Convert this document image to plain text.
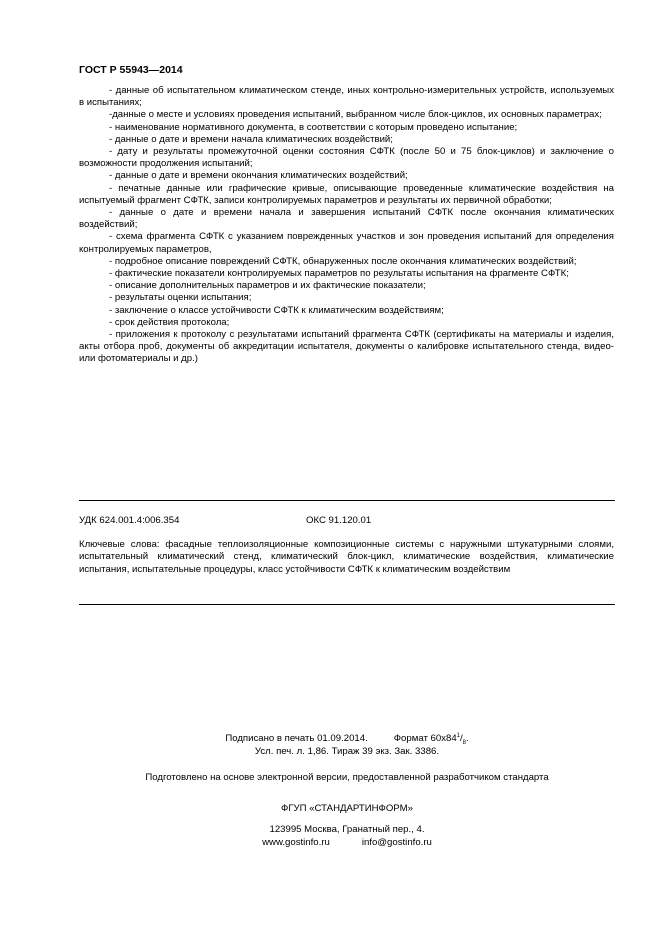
ГОСТ Р 55943—2014

- данные об испытательном климатическом стенде, иных контрольно-измерительных устройств, используемых в испытаниях;

-данные о месте и условиях проведения испытаний, выбранном числе блок-циклов, их основных параметрах;

- наименование нормативного документа, в соответствии с которым проведено испытание;

- данные о дате и времени начала климатических воздействий;

- дату и результаты промежуточной оценки состояния СФТК (после 50 и 75 блок-циклов) и заключение о возможности продолжения испытаний;

- данные о дате и времени окончания климатических воздействий;

- печатные данные или графические кривые, описывающие проведенные климатические воздействия на испытуемый фрагмент СФТК, записи контролируемых параметров и результаты их первичной обработки;

- данные о дате и времени начала и завершения испытаний СФТК после окончания климатических воздействий;

- схема фрагмента СФТК с указанием поврежденных участков и зон проведения испытаний для определения контролируемых параметров,

- подробное описание повреждений СФТК, обнаруженных после окончания климатических воздействий;

- фактические показатели контролируемых параметров по результаты испытания на фрагменте СФТК;

- описание дополнительных параметров и их фактические показатели;

- результаты оценки испытания;

- заключение о классе устойчивости СФТК к климатическим воздействиям;

- срок действия протокола;

- приложения к протоколу с результатами испытаний фрагмента СФТК (сертификаты на материалы и изделия, акты отбора проб, документы об аккредитации испытателя, документы о калибровке испытательного стенда, видео- или фотоматериалы и др.)

УДК 624.001.4:006.354	ОКС 91.120.01
Ключевые слова: фасадные теплоизоляционные композиционные системы с наружными штукатурными слоями, испытательный климатический стенд, климатический блок-цикл, климатические воздействия, климатические испытания, испытательные процедуры, класс устойчивости СФТК к климатическим воздействим
Подписано в печать 01.09.2014.	Формат $60x84^1/_8$.
Усл. печ. л. 1,86. Тираж 39 экз. Зак. 3386.
Подготовлено на основе электронной версии, предоставленной разработчиком стандарта
ФГУП «СТАНДАРТИНФОРМ»
123995 Москва, Гранатный пер., 4.
www.gostinfo.ru	info@gostinfo.ru
